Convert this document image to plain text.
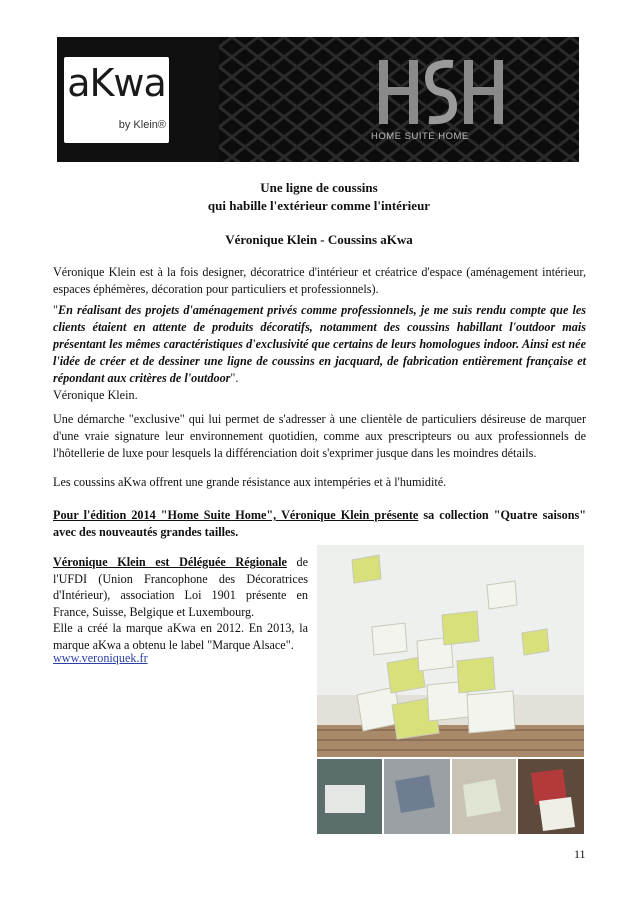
aKwa
by Klein®
HOME SUITE HOME
Une ligne de coussins
qui habille l'extérieur comme l'intérieur
Véronique Klein - Coussins aKwa
Véronique Klein est à la fois designer, décoratrice d'intérieur et créatrice d'espace (aménagement intérieur, espaces éphémères, décoration pour particuliers et professionnels).
"En réalisant des projets d'aménagement privés comme professionnels, je me suis rendu compte que les clients étaient en attente de produits décoratifs, notamment des coussins habillant l'outdoor mais présentant les mêmes caractéristiques d'exclusivité que certains de leurs homologues indoor. Ainsi est née l'idée de créer et de dessiner une ligne de coussins en jacquard, de fabrication entièrement française et répondant aux critères de l'outdoor".
Véronique Klein.
Une démarche "exclusive" qui lui permet de s'adresser à une clientèle de particuliers désireuse de marquer d'une vraie signature leur environnement quotidien, comme aux prescripteurs ou aux professionnels de l'hôtellerie de luxe pour lesquels la différenciation doit s'exprimer jusque dans les moindres détails.
Les coussins aKwa offrent une grande résistance aux intempéries et à l'humidité.
Pour l'édition 2014 "Home Suite Home", Véronique Klein présente sa collection "Quatre saisons" avec des nouveautés grandes tailles.
Véronique Klein est Déléguée Régionale de l'UFDI (Union Francophone des Décoratrices d'Intérieur), association Loi 1901 présente en France, Suisse, Belgique et Luxembourg.
Elle a créé la marque aKwa en 2012. En 2013, la marque aKwa a obtenu le label "Marque Alsace".
www.veroniquek.fr
11
